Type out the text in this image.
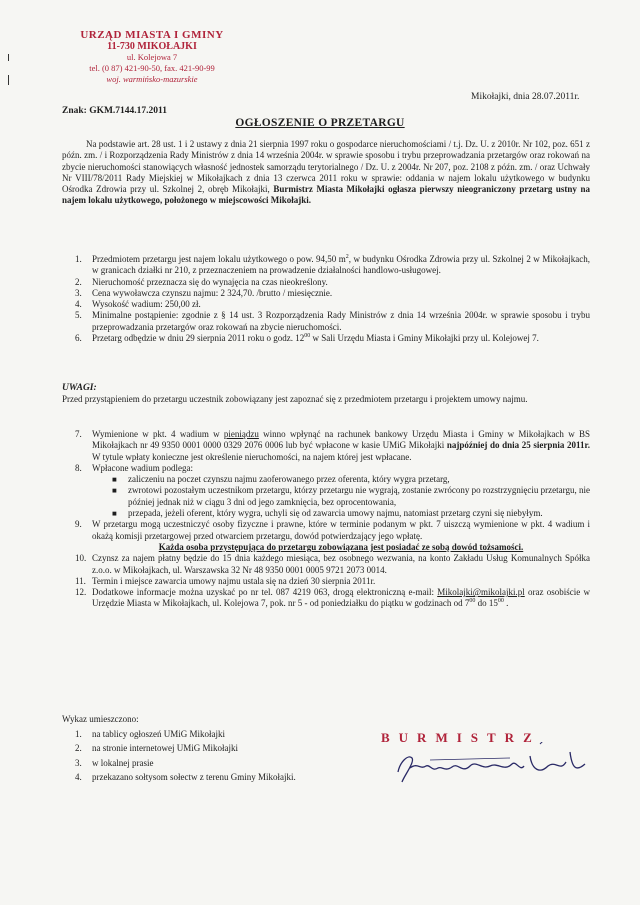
URZĄD MIASTA I GMINY
11-730 MIKOŁAJKI
ul. Kolejowa 7
tel. (0 87) 421-90-50, fax. 421-90-99
woj. warmińsko-mazurskie
Mikołajki, dnia 28.07.2011r.
Znak: GKM.7144.17.2011
OGŁOSZENIE O PRZETARGU
Na podstawie art. 28 ust. 1 i 2 ustawy z dnia 21 sierpnia 1997 roku o gospodarce nieruchomościami / t.j. Dz. U. z 2010r. Nr 102, poz. 651 z późn. zm. / i Rozporządzenia Rady Ministrów z dnia 14 września 2004r. w sprawie sposobu i trybu przeprowadzania przetargów oraz rokowań na zbycie nieruchomości stanowiących własność jednostek samorządu terytorialnego / Dz. U. z 2004r. Nr 207, poz. 2108 z późn. zm. / oraz Uchwały Nr VIII/78/2011 Rady Miejskiej w Mikołajkach z dnia 13 czerwca 2011 roku w sprawie: oddania w najem lokalu użytkowego w budynku Ośrodka Zdrowia przy ul. Szkolnej 2, obręb Mikołajki, Burmistrz Miasta Mikołajki ogłasza pierwszy nieograniczony przetarg ustny na najem lokalu użytkowego, położonego w miejscowości Mikołajki.
1. Przedmiotem przetargu jest najem lokalu użytkowego o pow. 94,50 $m^2$, w budynku Ośrodka Zdrowia przy ul. Szkolnej 2 w Mikołajkach, w granicach działki nr 210, z przeznaczeniem na prowadzenie działalności handlowo-usługowej.
2. Nieruchomość przeznacza się do wynajęcia na czas nieokreślony.
3. Cena wywoławcza czynszu najmu: 2 324,70. /brutto / miesięcznie.
4. Wysokość wadium: 250,00 zł.
5. Minimalne postąpienie: zgodnie z § 14 ust. 3 Rozporządzenia Rady Ministrów z dnia 14 września 2004r. w sprawie sposobu i trybu przeprowadzania przetargów oraz rokowań na zbycie nieruchomości.
6. Przetarg odbędzie w dniu 29 sierpnia 2011 roku o godz. $12^{00}$ w Sali Urzędu Miasta i Gminy Mikołajki przy ul. Kolejowej 7.
UWAGI:
Przed przystąpieniem do przetargu uczestnik zobowiązany jest zapoznać się z przedmiotem przetargu i projektem umowy najmu.
7. Wymienione w pkt. 4 wadium w pieniądzu winno wpłynąć na rachunek bankowy Urzędu Miasta i Gminy w Mikołajkach w BS Mikołajkach nr 49 9350 0001 0000 0329 2076 0006 lub być wpłacone w kasie UMiG Mikołajki najpóźniej do dnia 25 sierpnia 2011r. W tytule wpłaty konieczne jest określenie nieruchomości, na najem której jest wpłacane.
8. Wpłacone wadium podlega:
■ zaliczeniu na poczet czynszu najmu zaoferowanego przez oferenta, który wygra przetarg,
■ zwrotowi pozostałym uczestnikom przetargu, którzy przetargu nie wygrają, zostanie zwrócony po rozstrzygnięciu przetargu, nie później jednak niż w ciągu 3 dni od jego zamknięcia, bez oprocentowania,
■ przepada, jeżeli oferent, który wygra, uchyli się od zawarcia umowy najmu, natomiast przetarg czyni się niebyłym.
9. W przetargu mogą uczestniczyć osoby fizyczne i prawne, które w terminie podanym w pkt. 7 uiszczą wymienione w pkt. 4 wadium i okażą komisji przetargowej przed otwarciem przetargu, dowód potwierdzający jego wpłatę.
Każda osoba przystępująca do przetargu zobowiązana jest posiadać ze sobą dowód tożsamości.
10. Czynsz za najem płatny będzie do 15 dnia każdego miesiąca, bez osobnego wezwania, na konto Zakładu Usług Komunalnych Spółka z.o.o. w Mikołajkach, ul. Warszawska 32 Nr 48 9350 0001 0005 9721 2073 0014.
11. Termin i miejsce zawarcia umowy najmu ustala się na dzień 30 sierpnia 2011r.
12. Dodatkowe informacje można uzyskać po nr tel. 087 4219 063, drogą elektroniczną e-mail: Mikolajki@mikolajki.pl oraz osobiście w Urzędzie Miasta w Mikołajkach, ul. Kolejowa 7, pok. nr 5 - od poniedziałku do piątku w godzinach od $7^{00}$ do $15^{00}$ .
Wykaz umieszczono:
1. na tablicy ogłoszeń UMiG Mikołajki
2. na stronie internetowej UMiG Mikołajki
3. w lokalnej prasie
4. przekazano sołtysom sołectw z terenu Gminy Mikołajki.
BURMISTRZ
